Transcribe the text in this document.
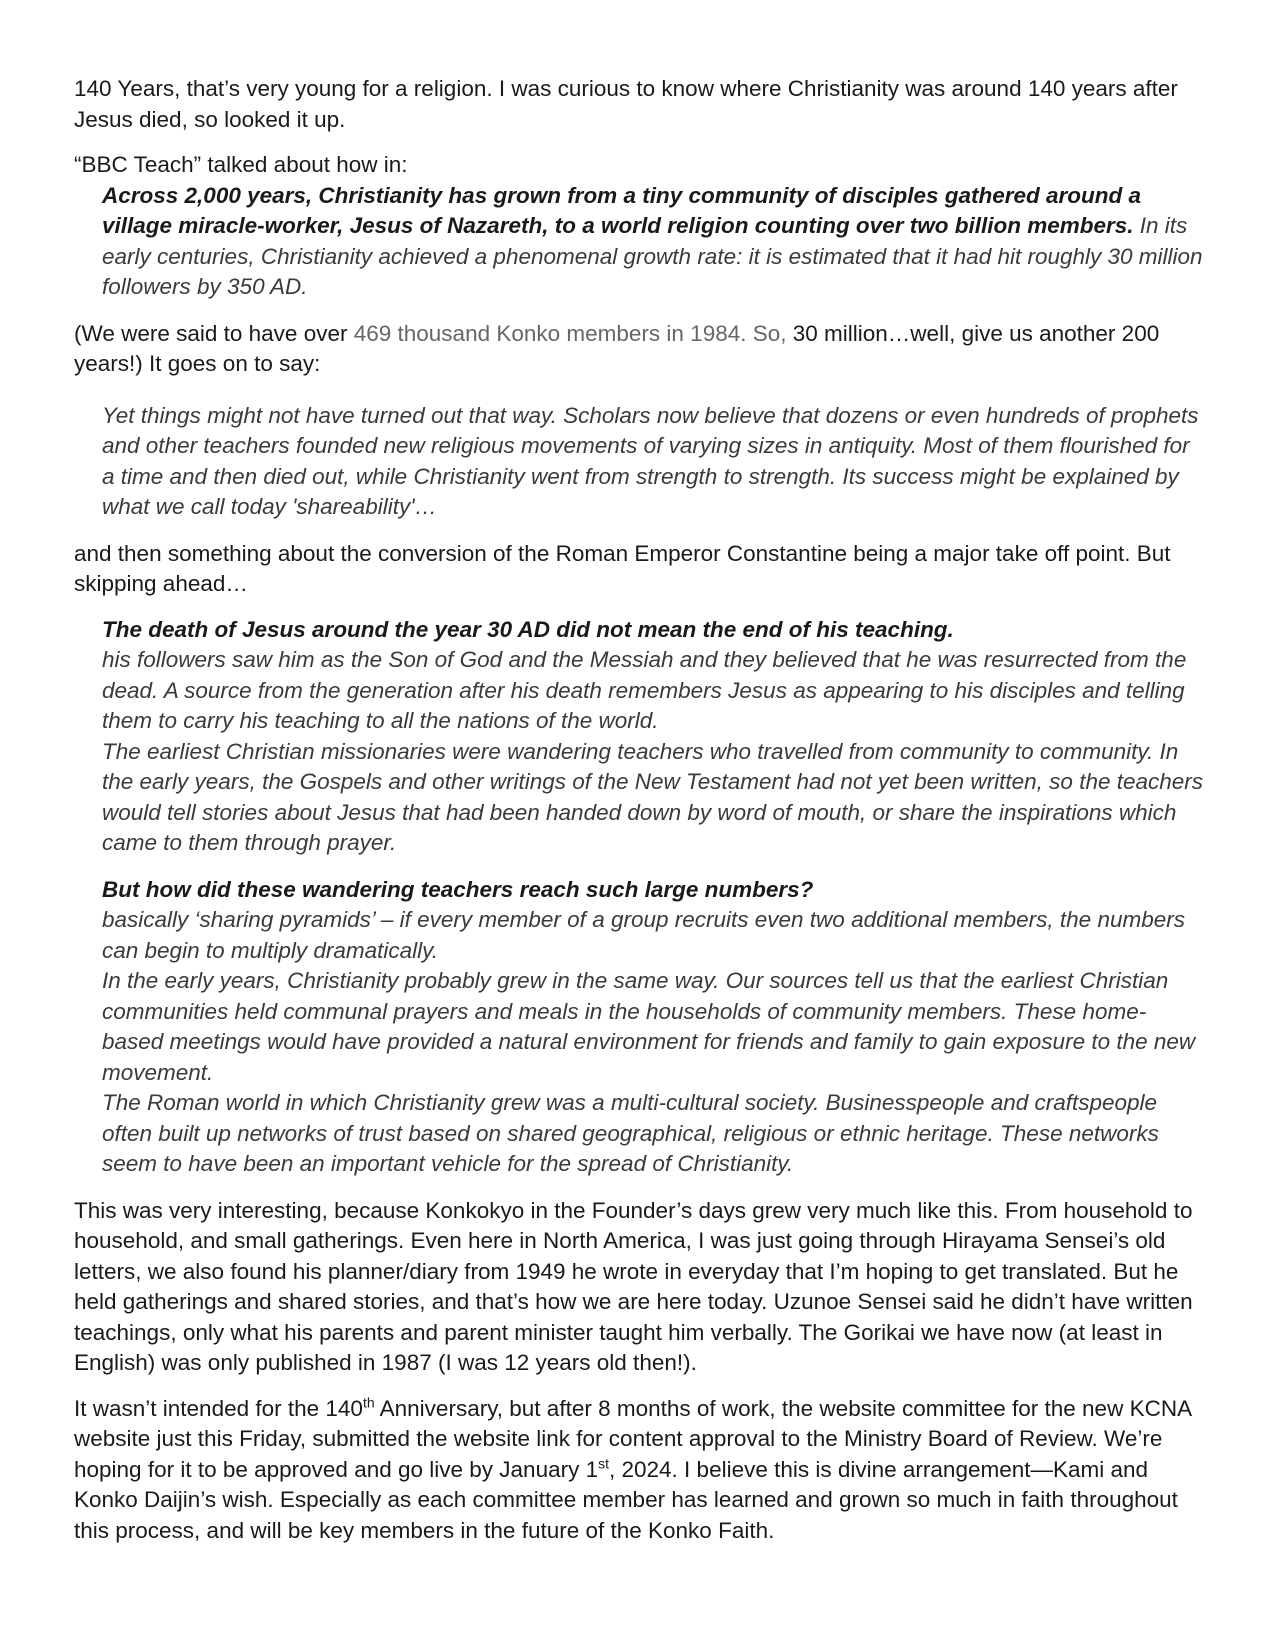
140 Years, that’s very young for a religion. I was curious to know where Christianity was around 140 years after Jesus died, so looked it up.

“BBC Teach” talked about how in:

Across 2,000 years, Christianity has grown from a tiny community of disciples gathered around a village miracle-worker, Jesus of Nazareth, to a world religion counting over two billion members. In its early centuries, Christianity achieved a phenomenal growth rate: it is estimated that it had hit roughly 30 million followers by 350 AD.

(We were said to have over 469 thousand Konko members in 1984. So, 30 million…well, give us another 200 years!) It goes on to say:

Yet things might not have turned out that way. Scholars now believe that dozens or even hundreds of prophets and other teachers founded new religious movements of varying sizes in antiquity. Most of them flourished for a time and then died out, while Christianity went from strength to strength. Its success might be explained by what we call today 'shareability'…

and then something about the conversion of the Roman Emperor Constantine being a major take off point. But skipping ahead…

The death of Jesus around the year 30 AD did not mean the end of his teaching.

his followers saw him as the Son of God and the Messiah and they believed that he was resurrected from the dead. A source from the generation after his death remembers Jesus as appearing to his disciples and telling them to carry his teaching to all the nations of the world.

The earliest Christian missionaries were wandering teachers who travelled from community to community. In the early years, the Gospels and other writings of the New Testament had not yet been written, so the teachers would tell stories about Jesus that had been handed down by word of mouth, or share the inspirations which came to them through prayer.

But how did these wandering teachers reach such large numbers?

basically ‘sharing pyramids’ – if every member of a group recruits even two additional members, the numbers can begin to multiply dramatically.

In the early years, Christianity probably grew in the same way. Our sources tell us that the earliest Christian communities held communal prayers and meals in the households of community members. These home-based meetings would have provided a natural environment for friends and family to gain exposure to the new movement.

The Roman world in which Christianity grew was a multi-cultural society. Businesspeople and craftspeople often built up networks of trust based on shared geographical, religious or ethnic heritage. These networks seem to have been an important vehicle for the spread of Christianity.

This was very interesting, because Konkokyo in the Founder’s days grew very much like this. From household to household, and small gatherings. Even here in North America, I was just going through Hirayama Sensei’s old letters, we also found his planner/diary from 1949 he wrote in everyday that I’m hoping to get translated. But he held gatherings and shared stories, and that’s how we are here today. Uzunoe Sensei said he didn’t have written teachings, only what his parents and parent minister taught him verbally. The Gorikai we have now (at least in English) was only published in 1987 (I was 12 years old then!).

It wasn’t intended for the 140th Anniversary, but after 8 months of work, the website committee for the new KCNA website just this Friday, submitted the website link for content approval to the Ministry Board of Review. We’re hoping for it to be approved and go live by January 1st, 2024. I believe this is divine arrangement—Kami and Konko Daijin’s wish. Especially as each committee member has learned and grown so much in faith throughout this process, and will be key members in the future of the Konko Faith.
